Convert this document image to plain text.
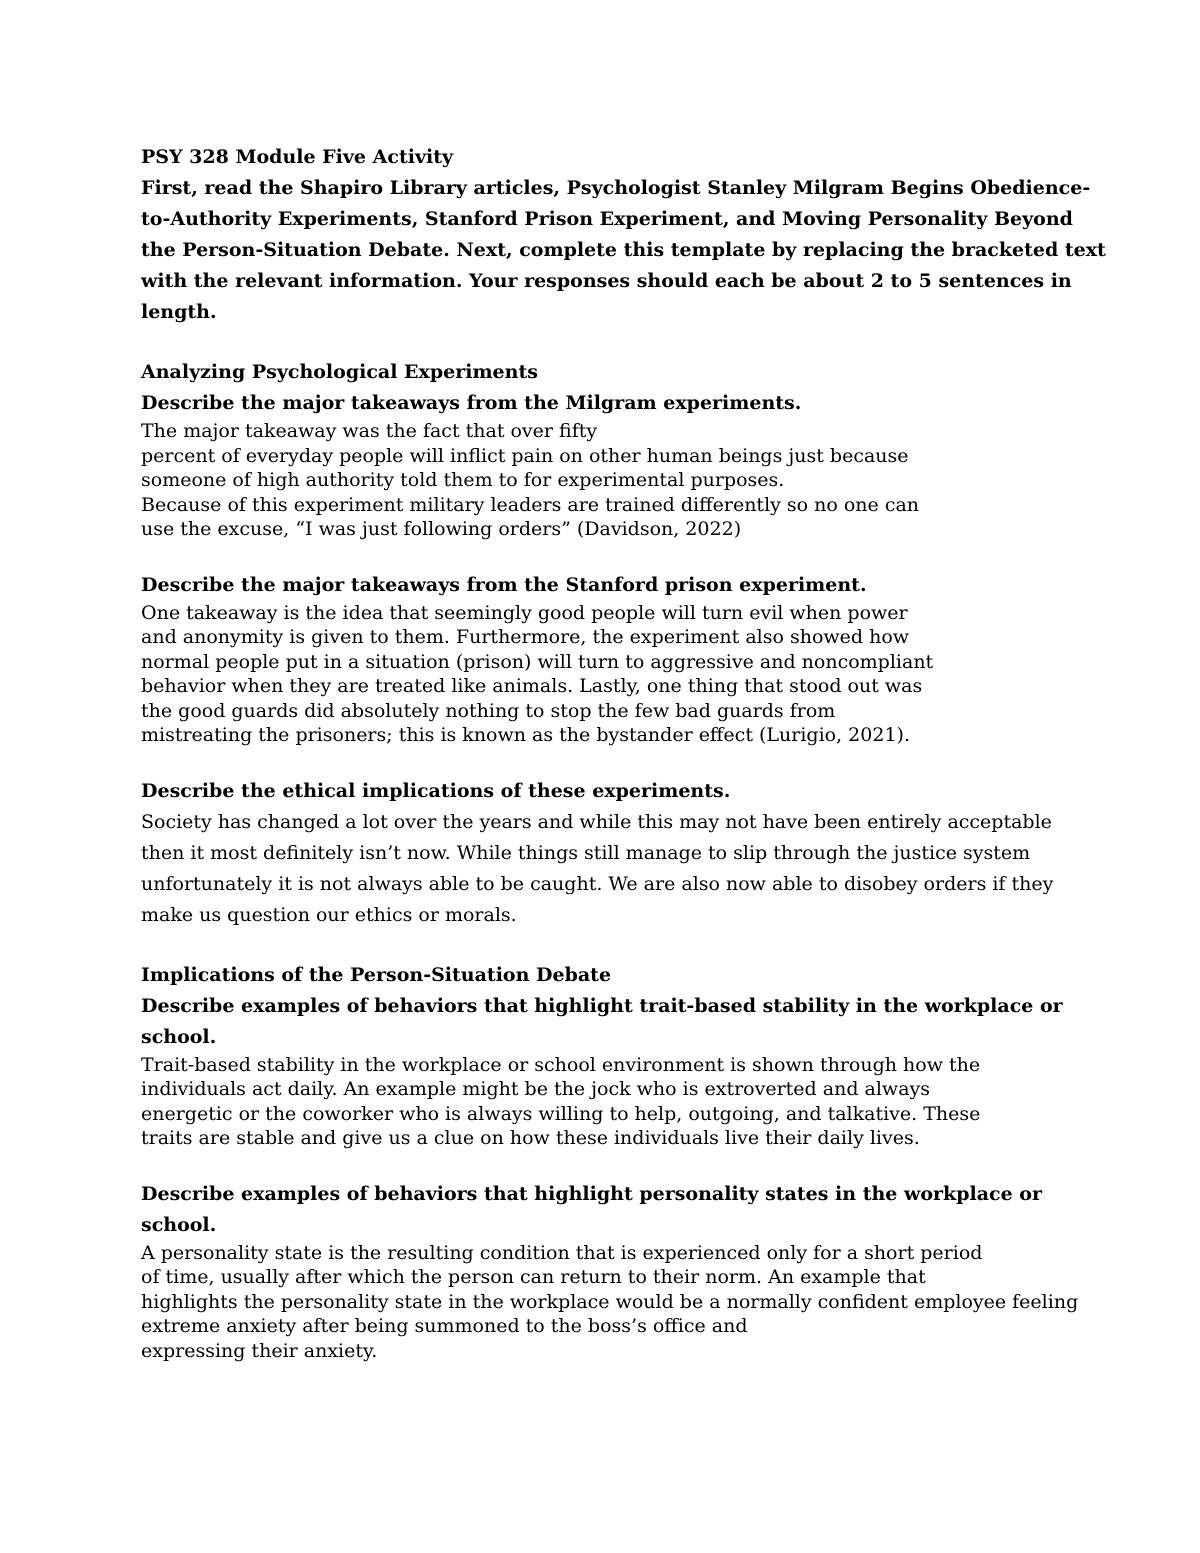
PSY 328 Module Five Activity

First, read the Shapiro Library articles, Psychologist Stanley Milgram Begins Obedience-
to-Authority Experiments, Stanford Prison Experiment, and Moving Personality Beyond
the Person-Situation Debate. Next, complete this template by replacing the bracketed text
with the relevant information. Your responses should each be about 2 to 5 sentences in
length.

Analyzing Psychological Experiments

Describe the major takeaways from the Milgram experiments.

The major takeaway was the fact that over fifty
percent of everyday people will inflict pain on other human beings just because
someone of high authority told them to for experimental purposes.
Because of this experiment military leaders are trained differently so no one can
use the excuse, “I was just following orders” (Davidson, 2022)

Describe the major takeaways from the Stanford prison experiment.

One takeaway is the idea that seemingly good people will turn evil when power
and anonymity is given to them. Furthermore, the experiment also showed how
normal people put in a situation (prison) will turn to aggressive and noncompliant
behavior when they are treated like animals. Lastly, one thing that stood out was
the good guards did absolutely nothing to stop the few bad guards from
mistreating the prisoners; this is known as the bystander effect (Lurigio, 2021).

Describe the ethical implications of these experiments.

Society has changed a lot over the years and while this may not have been entirely acceptable
then it most definitely isn’t now. While things still manage to slip through the justice system
unfortunately it is not always able to be caught. We are also now able to disobey orders if they
make us question our ethics or morals.

Implications of the Person-Situation Debate

Describe examples of behaviors that highlight trait-based stability in the workplace or
school.

Trait-based stability in the workplace or school environment is shown through how the
individuals act daily. An example might be the jock who is extroverted and always
energetic or the coworker who is always willing to help, outgoing, and talkative. These
traits are stable and give us a clue on how these individuals live their daily lives.

Describe examples of behaviors that highlight personality states in the workplace or school.

A personality state is the resulting condition that is experienced only for a short period
of time, usually after which the person can return to their norm. An example that
highlights the personality state in the workplace would be a normally confident employee feeling
extreme anxiety after being summoned to the boss’s office and
expressing their anxiety.
